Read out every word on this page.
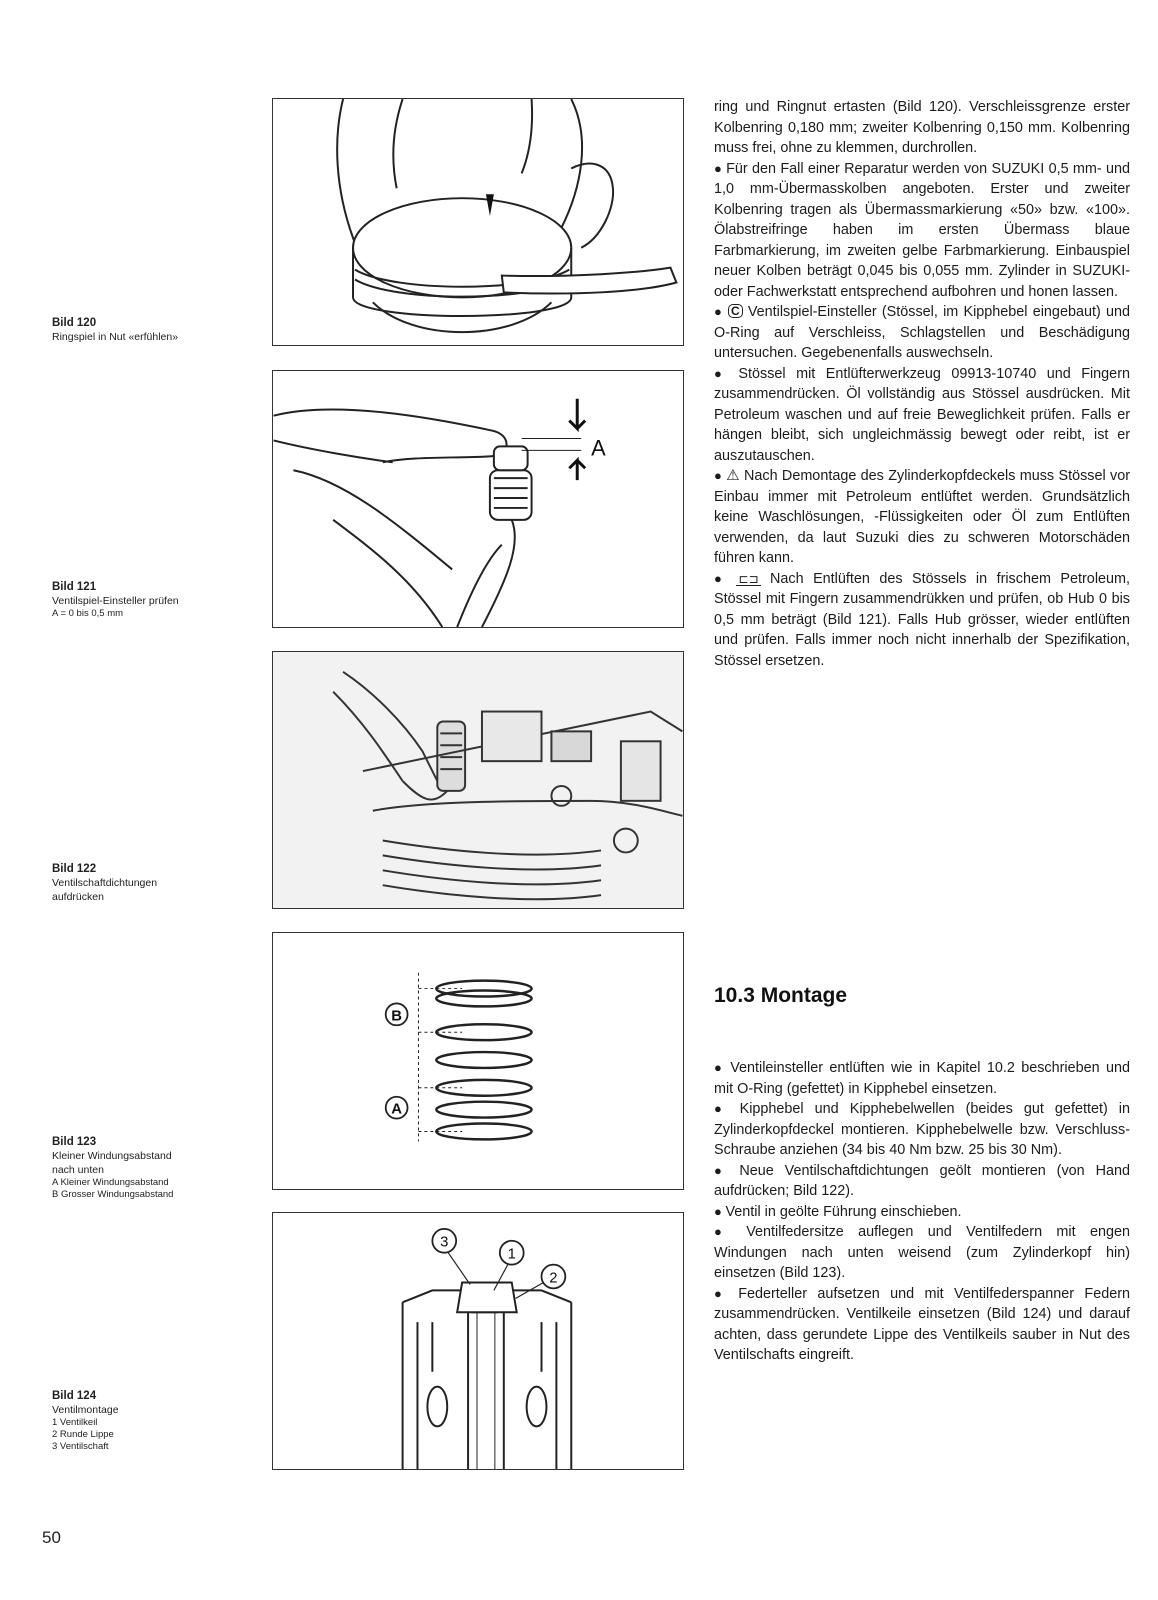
Bild 120
Ringspiel in Nut «erfühlen»
Bild 121
Ventilspiel-Einsteller prüfen
A = 0 bis 0,5 mm
Bild 122
Ventilschaftdichtungen
aufdrücken
Bild 123
Kleiner Windungsabstand
nach unten
A Kleiner Windungsabstand
B Grosser Windungsabstand
Bild 124
Ventilmontage
1 Ventilkeil
2 Runde Lippe
3 Ventilschaft
A
B
A
3
1
2

ring und Ringnut ertasten (Bild 120). Verschleissgrenze erster Kolbenring 0,180 mm; zweiter Kolbenring 0,150 mm. Kolbenring muss frei, ohne zu klemmen, durchrollen.

● Für den Fall einer Reparatur werden von SUZUKI 0,5 mm- und 1,0 mm-Übermasskolben angeboten. Erster und zweiter Kolbenring tragen als Übermassmarkierung «50» bzw. «100». Ölabstreifringe haben im ersten Übermass blaue Farbmarkierung, im zweiten gelbe Farbmarkierung. Einbauspiel neuer Kolben beträgt 0,045 bis 0,055 mm. Zylinder in SUZUKI- oder Fachwerkstatt entsprechend aufbohren und honen lassen.

● C Ventilspiel-Einsteller (Stössel, im Kipphebel eingebaut) und O-Ring auf Verschleiss, Schlagstellen und Beschädigung untersuchen. Gegebenenfalls auswechseln.

● Stössel mit Entlüfterwerkzeug 09913-10740 und Fingern zusammendrücken. Öl vollständig aus Stössel ausdrücken. Mit Petroleum waschen und auf freie Beweglichkeit prüfen. Falls er hängen bleibt, sich ungleichmässig bewegt oder reibt, ist er auszutauschen.

● ⚠ Nach Demontage des Zylinderkopfdeckels muss Stössel vor Einbau immer mit Petroleum entlüftet werden. Grundsätzlich keine Waschlösungen, -Flüssigkeiten oder Öl zum Entlüften verwenden, da laut Suzuki dies zu schweren Motorschäden führen kann.

● ⊏⊐ Nach Entlüften des Stössels in frischem Petroleum, Stössel mit Fingern zusammendrükken und prüfen, ob Hub 0 bis 0,5 mm beträgt (Bild 121). Falls Hub grösser, wieder entlüften und prüfen. Falls immer noch nicht innerhalb der Spezifikation, Stössel ersetzen.

10.3 Montage

● Ventileinsteller entlüften wie in Kapitel 10.2 beschrieben und mit O-Ring (gefettet) in Kipphebel einsetzen.

● Kipphebel und Kipphebelwellen (beides gut gefettet) in Zylinderkopfdeckel montieren. Kipphebelwelle bzw. Verschluss-Schraube anziehen (34 bis 40 Nm bzw. 25 bis 30 Nm).

● Neue Ventilschaftdichtungen geölt montieren (von Hand aufdrücken; Bild 122).

● Ventil in geölte Führung einschieben.

● Ventilfedersitze auflegen und Ventilfedern mit engen Windungen nach unten weisend (zum Zylinderkopf hin) einsetzen (Bild 123).

● Federteller aufsetzen und mit Ventilfederspanner Federn zusammendrücken. Ventilkeile einsetzen (Bild 124) und darauf achten, dass gerundete Lippe des Ventilkeils sauber in Nut des Ventilschafts eingreift.

50
